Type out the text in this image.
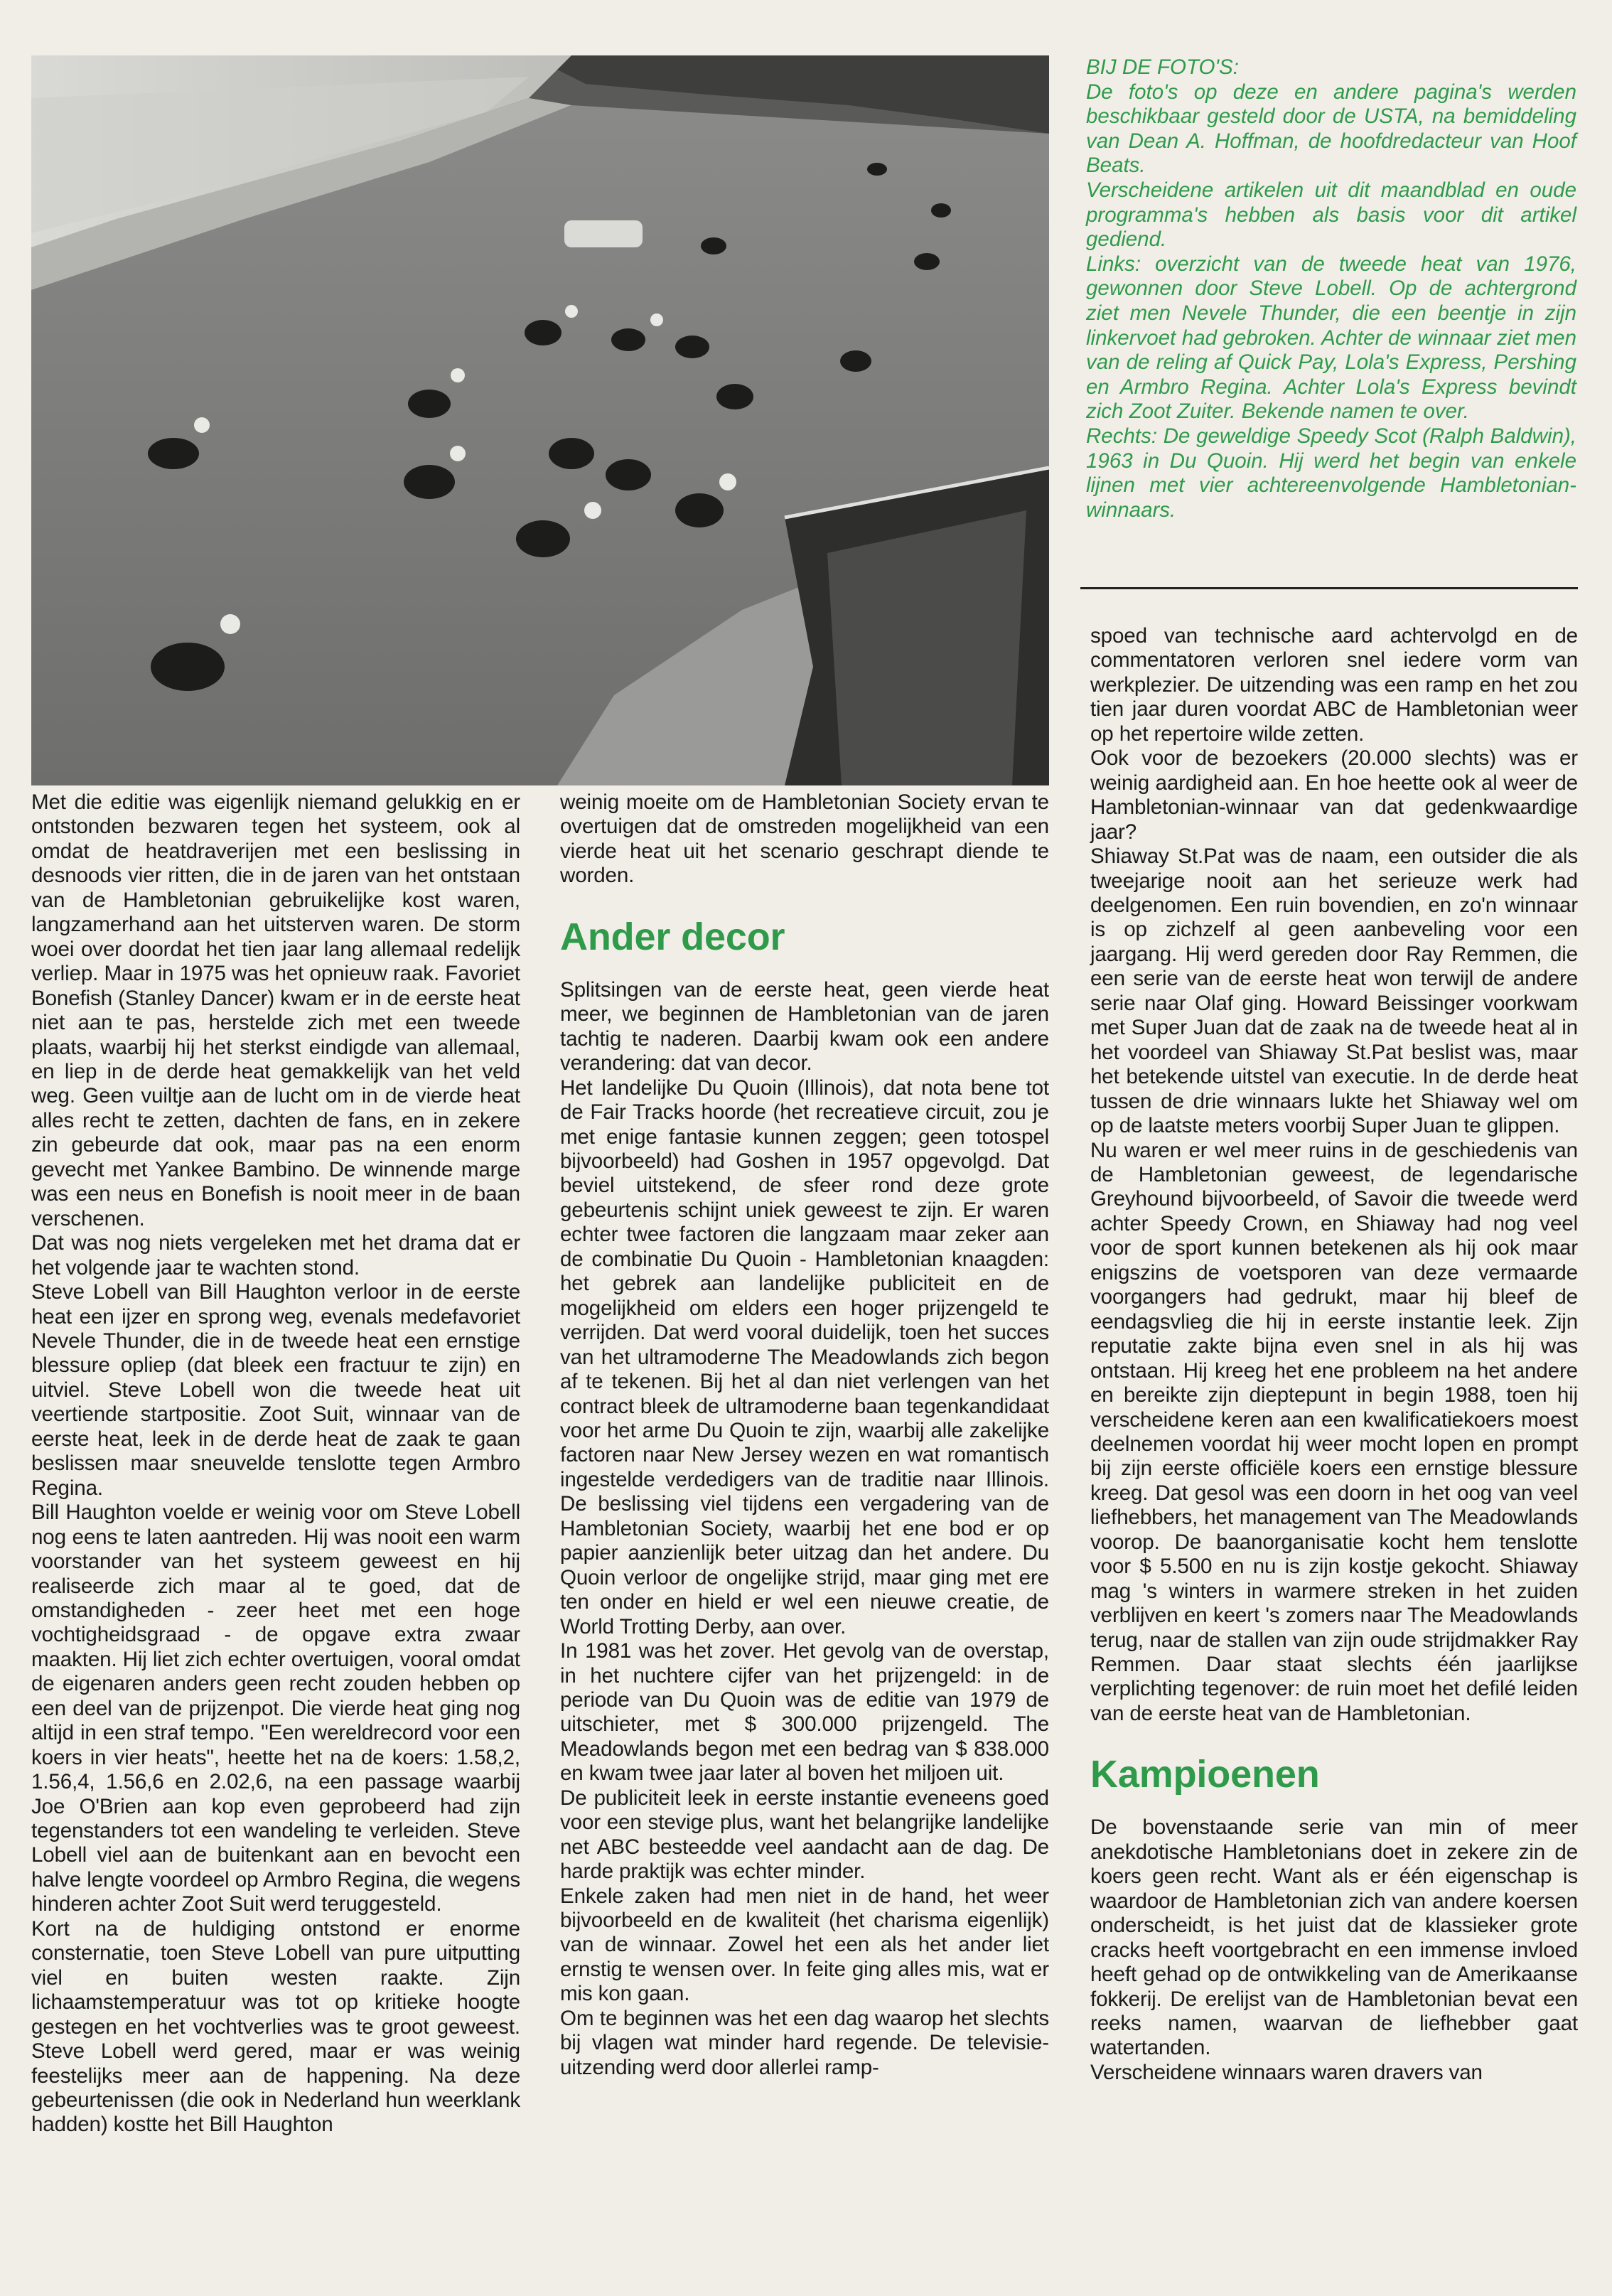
BIJ DE FOTO'S:

De foto's op deze en andere pagina's werden beschikbaar gesteld door de USTA, na bemiddeling van Dean A. Hoffman, de hoofdredacteur van Hoof Beats.

Verscheidene artikelen uit dit maandblad en oude programma's hebben als basis voor dit artikel gediend.

Links: overzicht van de tweede heat van 1976, gewonnen door Steve Lobell. Op de achtergrond ziet men Nevele Thunder, die een beentje in zijn linkervoet had gebroken. Achter de winnaar ziet men van de reling af Quick Pay, Lola's Express, Pershing en Armbro Regina. Achter Lola's Express bevindt zich Zoot Zuiter. Bekende namen te over.

Rechts: De geweldige Speedy Scot (Ralph Baldwin), 1963 in Du Quoin. Hij werd het begin van enkele lijnen met vier achtereenvolgende Hambletonian-winnaars.

Met die editie was eigenlijk niemand gelukkig en er ontstonden bezwaren tegen het systeem, ook al omdat de heatdraverijen met een beslissing in desnoods vier ritten, die in de jaren van het ontstaan van de Hambletonian gebruikelijke kost waren, langzamerhand aan het uitsterven waren. De storm woei over doordat het tien jaar lang allemaal redelijk verliep. Maar in 1975 was het opnieuw raak. Favoriet Bonefish (Stanley Dancer) kwam er in de eerste heat niet aan te pas, herstelde zich met een tweede plaats, waarbij hij het sterkst eindigde van allemaal, en liep in de derde heat gemakkelijk van het veld weg. Geen vuiltje aan de lucht om in de vierde heat alles recht te zetten, dachten de fans, en in zekere zin gebeurde dat ook, maar pas na een enorm gevecht met Yankee Bambino. De winnende marge was een neus en Bonefish is nooit meer in de baan verschenen.

Dat was nog niets vergeleken met het drama dat er het volgende jaar te wachten stond.

Steve Lobell van Bill Haughton verloor in de eerste heat een ijzer en sprong weg, evenals medefavoriet Nevele Thunder, die in de tweede heat een ernstige blessure opliep (dat bleek een fractuur te zijn) en uitviel. Steve Lobell won die tweede heat uit veertiende startpositie. Zoot Suit, winnaar van de eerste heat, leek in de derde heat de zaak te gaan beslissen maar sneuvelde tenslotte tegen Armbro Regina.

Bill Haughton voelde er weinig voor om Steve Lobell nog eens te laten aantreden. Hij was nooit een warm voorstander van het systeem geweest en hij realiseerde zich maar al te goed, dat de omstandigheden - zeer heet met een hoge vochtigheidsgraad - de opgave extra zwaar maakten. Hij liet zich echter overtuigen, vooral omdat de eigenaren anders geen recht zouden hebben op een deel van de prijzenpot. Die vierde heat ging nog altijd in een straf tempo. "Een wereldrecord voor een koers in vier heats", heette het na de koers: 1.58,2, 1.56,4, 1.56,6 en 2.02,6, na een passage waarbij Joe O'Brien aan kop even geprobeerd had zijn tegenstanders tot een wandeling te verleiden. Steve Lobell viel aan de buitenkant aan en bevocht een halve lengte voordeel op Armbro Regina, die wegens hinderen achter Zoot Suit werd teruggesteld.

Kort na de huldiging ontstond er enorme consternatie, toen Steve Lobell van pure uitputting viel en buiten westen raakte. Zijn lichaamstemperatuur was tot op kritieke hoogte gestegen en het vochtverlies was te groot geweest. Steve Lobell werd gered, maar er was weinig feestelijks meer aan de happening. Na deze gebeurtenissen (die ook in Nederland hun weerklank hadden) kostte het Bill Haughton

weinig moeite om de Hambletonian Society ervan te overtuigen dat de omstreden mogelijkheid van een vierde heat uit het scenario geschrapt diende te worden.

Ander decor

Splitsingen van de eerste heat, geen vierde heat meer, we beginnen de Hambletonian van de jaren tachtig te naderen. Daarbij kwam ook een andere verandering: dat van decor.

Het landelijke Du Quoin (Illinois), dat nota bene tot de Fair Tracks hoorde (het recreatieve circuit, zou je met enige fantasie kunnen zeggen; geen totospel bijvoorbeeld) had Goshen in 1957 opgevolgd. Dat beviel uitstekend, de sfeer rond deze grote gebeurtenis schijnt uniek geweest te zijn. Er waren echter twee factoren die langzaam maar zeker aan de combinatie Du Quoin - Hambletonian knaagden: het gebrek aan landelijke publiciteit en de mogelijkheid om elders een hoger prijzengeld te verrijden. Dat werd vooral duidelijk, toen het succes van het ultramoderne The Meadowlands zich begon af te tekenen. Bij het al dan niet verlengen van het contract bleek de ultramoderne baan tegenkandidaat voor het arme Du Quoin te zijn, waarbij alle zakelijke factoren naar New Jersey wezen en wat romantisch ingestelde verdedigers van de traditie naar Illinois. De beslissing viel tijdens een vergadering van de Hambletonian Society, waarbij het ene bod er op papier aanzienlijk beter uitzag dan het andere. Du Quoin verloor de ongelijke strijd, maar ging met ere ten onder en hield er wel een nieuwe creatie, de World Trotting Derby, aan over.

In 1981 was het zover. Het gevolg van de overstap, in het nuchtere cijfer van het prijzengeld: in de periode van Du Quoin was de editie van 1979 de uitschieter, met $ 300.000 prijzengeld. The Meadowlands begon met een bedrag van $ 838.000 en kwam twee jaar later al boven het miljoen uit.

De publiciteit leek in eerste instantie eveneens goed voor een stevige plus, want het belangrijke landelijke net ABC besteedde veel aandacht aan de dag. De harde praktijk was echter minder.

Enkele zaken had men niet in de hand, het weer bijvoorbeeld en de kwaliteit (het charisma eigenlijk) van de winnaar. Zowel het een als het ander liet ernstig te wensen over. In feite ging alles mis, wat er mis kon gaan.

Om te beginnen was het een dag waarop het slechts bij vlagen wat minder hard regende. De televisie-uitzending werd door allerlei ramp-

spoed van technische aard achtervolgd en de commentatoren verloren snel iedere vorm van werkplezier. De uitzending was een ramp en het zou tien jaar duren voordat ABC de Hambletonian weer op het repertoire wilde zetten.

Ook voor de bezoekers (20.000 slechts) was er weinig aardigheid aan. En hoe heette ook al weer de Hambletonian-winnaar van dat gedenkwaardige jaar?

Shiaway St.Pat was de naam, een outsider die als tweejarige nooit aan het serieuze werk had deelgenomen. Een ruin bovendien, en zo'n winnaar is op zichzelf al geen aanbeveling voor een jaargang. Hij werd gereden door Ray Remmen, die een serie van de eerste heat won terwijl de andere serie naar Olaf ging. Howard Beissinger voorkwam met Super Juan dat de zaak na de tweede heat al in het voordeel van Shiaway St.Pat beslist was, maar het betekende uitstel van executie. In de derde heat tussen de drie winnaars lukte het Shiaway wel om op de laatste meters voorbij Super Juan te glippen.

Nu waren er wel meer ruins in de geschiedenis van de Hambletonian geweest, de legendarische Greyhound bijvoorbeeld, of Savoir die tweede werd achter Speedy Crown, en Shiaway had nog veel voor de sport kunnen betekenen als hij ook maar enigszins de voetsporen van deze vermaarde voorgangers had gedrukt, maar hij bleef de eendagsvlieg die hij in eerste instantie leek. Zijn reputatie zakte bijna even snel in als hij was ontstaan. Hij kreeg het ene probleem na het andere en bereikte zijn dieptepunt in begin 1988, toen hij verscheidene keren aan een kwalificatiekoers moest deelnemen voordat hij weer mocht lopen en prompt bij zijn eerste officiële koers een ernstige blessure kreeg. Dat gesol was een doorn in het oog van veel liefhebbers, het management van The Meadowlands voorop. De baanorganisatie kocht hem tenslotte voor $ 5.500 en nu is zijn kostje gekocht. Shiaway mag 's winters in warmere streken in het zuiden verblijven en keert 's zomers naar The Meadowlands terug, naar de stallen van zijn oude strijdmakker Ray Remmen. Daar staat slechts één jaarlijkse verplichting tegenover: de ruin moet het defilé leiden van de eerste heat van de Hambletonian.

Kampioenen

De bovenstaande serie van min of meer anekdotische Hambletonians doet in zekere zin de koers geen recht. Want als er één eigenschap is waardoor de Hambletonian zich van andere koersen onderscheidt, is het juist dat de klassieker grote cracks heeft voortgebracht en een immense invloed heeft gehad op de ontwikkeling van de Amerikaanse fokkerij. De erelijst van de Hambletonian bevat een reeks namen, waarvan de liefhebber gaat watertanden.

Verscheidene winnaars waren dravers van
